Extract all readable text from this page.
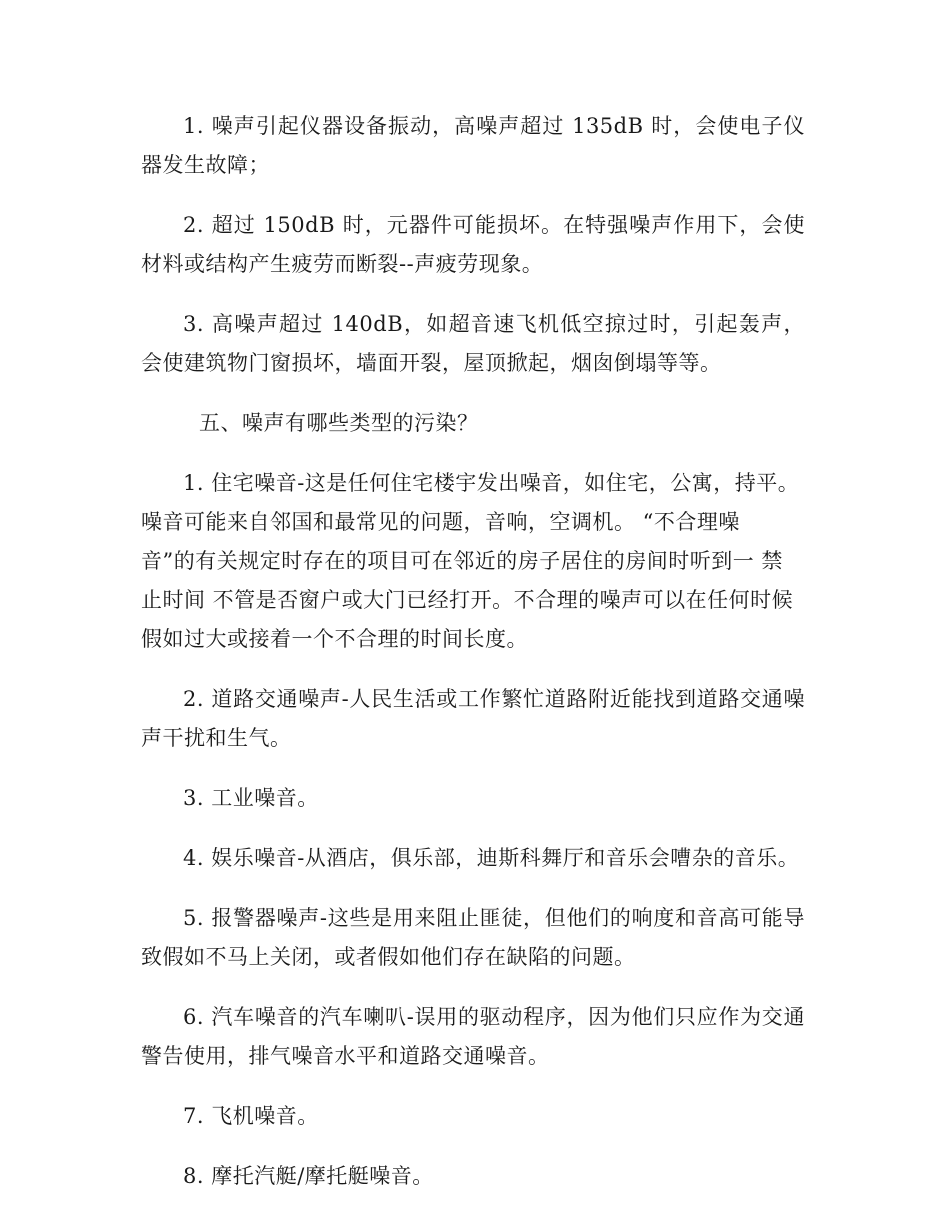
1. 噪声引起仪器设备振动，高噪声超过 135dB 时，会使电子仪器发生故障；

2. 超过 150dB 时，元器件可能损坏。在特强噪声作用下，会使材料或结构产生疲劳而断裂--声疲劳现象。

3. 高噪声超过 140dB，如超音速飞机低空掠过时，引起轰声，会使建筑物门窗损坏，墙面开裂，屋顶掀起，烟囱倒塌等等。

五、噪声有哪些类型的污染？

1. 住宅噪音-这是任何住宅楼宇发出噪音，如住宅，公寓，持平。
噪音可能来自邻国和最常见的问题，音响，空调机。 “不合理噪
音”的有关规定时存在的项目可在邻近的房子居住的房间时听到一 禁
止时间 不管是否窗户或大门已经打开。不合理的噪声可以在任何时候
假如过大或接着一个不合理的时间长度。

2. 道路交通噪声-人民生活或工作繁忙道路附近能找到道路交通噪声干扰和生气。

3. 工业噪音。

4. 娱乐噪音-从酒店，俱乐部，迪斯科舞厅和音乐会嘈杂的音乐。

5. 报警器噪声-这些是用来阻止匪徒，但他们的响度和音高可能导致假如不马上关闭，或者假如他们存在缺陷的问题。

6. 汽车噪音的汽车喇叭-误用的驱动程序，因为他们只应作为交通警告使用，排气噪音水平和道路交通噪音。

7. 飞机噪音。

8. 摩托汽艇/摩托艇噪音。
